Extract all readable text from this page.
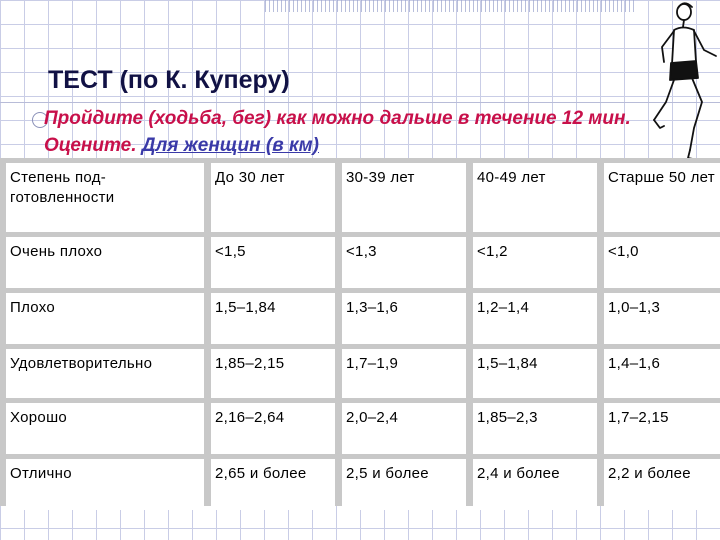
ТЕСТ (по К. Куперу)
Пройдите (ходьба, бег) как можно дальше в течение 12 мин. Оцените. Для женщин (в км)
Степень под-готовленности	До 30 лет	30-39 лет	40-49 лет	Старше 50 лет
Очень плохо	<1,5	<1,3	<1,2	<1,0
Плохо	1,5–1,84	1,3–1,6	1,2–1,4	1,0–1,3
Удовлетворительно	1,85–2,15	1,7–1,9	1,5–1,84	1,4–1,6
Хорошо	2,16–2,64	2,0–2,4	1,85–2,3	1,7–2,15
Отлично	2,65 и более	2,5 и более	2,4 и более	2,2 и более
